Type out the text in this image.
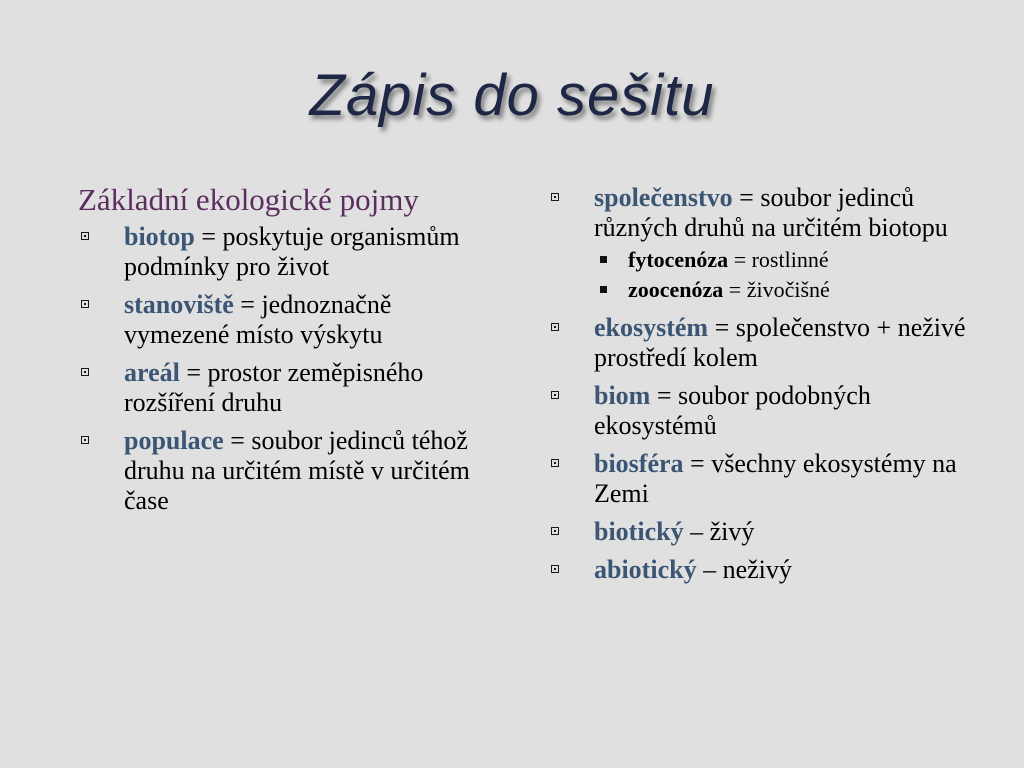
Zápis do sešitu
Základní ekologické pojmy
biotop = poskytuje organismům podmínky pro život
stanoviště = jednoznačně vymezené místo výskytu
areál = prostor zeměpisného rozšíření druhu
populace = soubor jedinců téhož druhu na určitém místě v určitém čase
společenstvo = soubor jedinců různých druhů na určitém biotopu
fytocenóza = rostlinné
zoocenóza = živočišné
ekosystém = společenstvo + neživé prostředí kolem
biom = soubor podobných ekosystémů
biosféra = všechny ekosystémy na Zemi
biotický – živý
abiotický – neživý
